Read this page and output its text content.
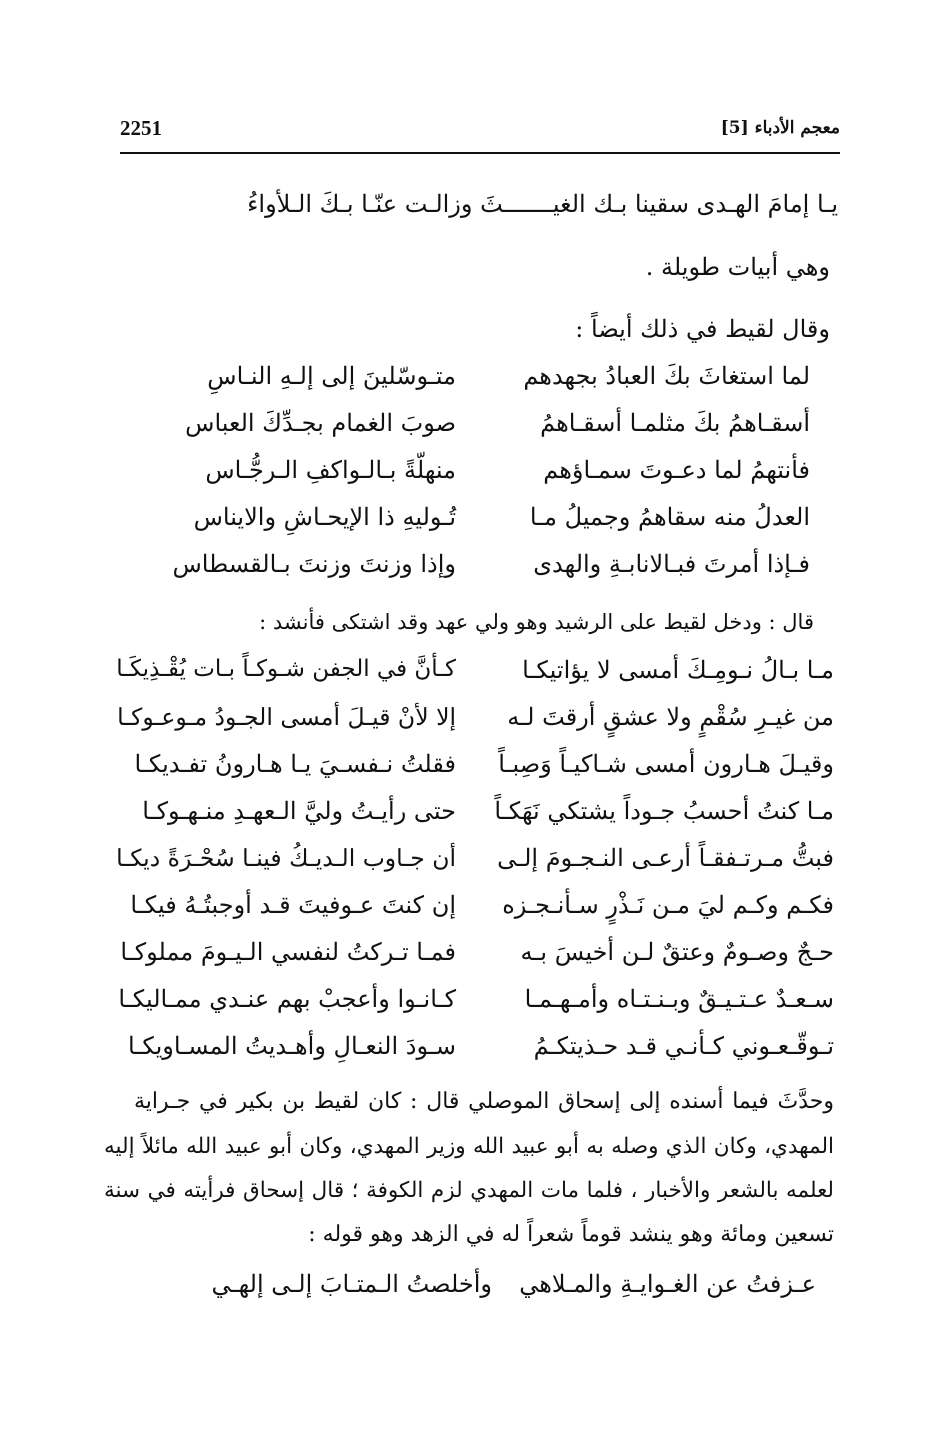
2251	معجم الأدباء [5]
يـا إمامَ الهـدى سقينا بـك الغيـــــــثَ وزالـت عنّـا بـكَ الـلأواءُ
وهي أبيات طويلة .
وقال لقيط في ذلك أيضاً :
لما استغاثَ بكَ العبادُ بجهدهم
متـوسّلينَ إلى إلـهِ النـاسِ
أسقـاهمُ بكَ مثلمـا أسقـاهمُ
صوبَ الغمام بجـدِّكَ العباس
فأنتهمُ لما دعـوتَ سمـاؤهم
منهلّةً بـالـواكفِ الـرجُّـاس
العدلُ منه سقاهمُ وجميلُ مـا
تُـوليهِ ذا الإيحـاشِ والايناس
فـإذا أمرتَ فبـالانابـةِ والهدى
وإذا وزنتَ وزنتَ بـالقسطاس
قال : ودخل لقيط على الرشيد وهو ولي عهد وقد اشتكى فأنشد :
مـا بـالُ نـومِـكَ أمسى لا يؤاتيكـا
كـأنَّ في الجفن شـوكـاً بـات يُقْـذِيكَـا
من غيـرِ سُقْمٍ ولا عشقٍ أرقتَ لـه
إلا لأنْ قيـلَ أمسى الجـودُ مـوعـوكـا
وقيـلَ هـارون أمسى شـاكيـاً وَصِبـاً
فقلتُ نـفسـيَ يـا هـارونُ تفـديكـا
مـا كنتُ أحسبُ جـوداً يشتكي نَهَكـاً
حتى رأيـتُ وليَّ الـعهـدِ منـهـوكـا
فبتُّ مـرتـفقـاً أرعـى النـجـومَ إلـى
أن جـاوب الـديـكُ فينـا سُحْـرَةً ديكـا
فكـم وكـم ليَ مـن نَـذْرٍ سـأنـجـزه
إن كنتَ عـوفيتَ قـد أوجبتُـهُ فيكـا
حـجٌ وصـومٌ وعتقٌ لـن أخيسَ بـه
فمـا تـركتُ لنفسي الـيـومَ مملوكـا
سـعـدٌ عـتـيـقٌ وبـنـتـاه وأمـهـمـا
كـانـوا وأعجبْ بهم عنـدي ممـاليكـا
تـوقّـعـوني كـأنـي قـد حـذيتكـمُ
سـودَ النعـالِ وأهـديتُ المسـاويكـا
وحدَّثَ فيما أسنده إلى إسحاق الموصلي قال : كان لقيط بن بكير في جـراية
المهدي، وكان الذي وصله به أبو عبيد الله وزير المهدي، وكان أبو عبيد الله مائلاً إليه
لعلمه بالشعر والأخبار ، فلما مات المهدي لزم الكوفة ؛ قال إسحاق فرأيته في سنة
تسعين ومائة وهو ينشد قوماً شعراً له في الزهد وهو قوله :
عـزفتُ عن الغـوايـةِ والمـلاهي
وأخلصتُ الـمتـابَ إلـى إلهـي
